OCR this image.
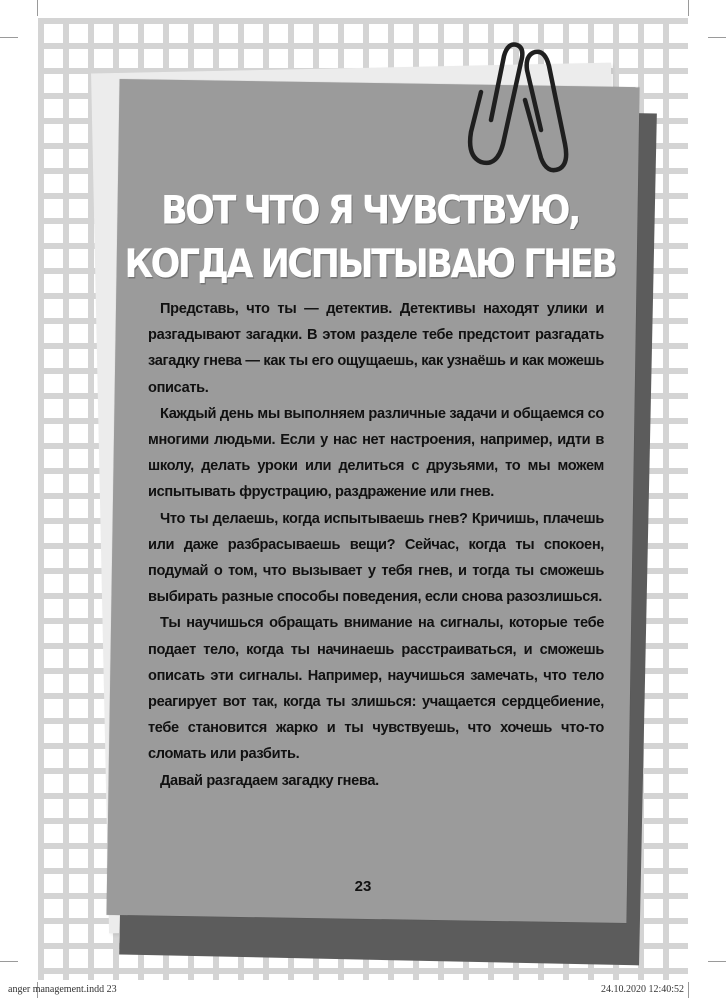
ВОТ ЧТО Я ЧУВСТВУЮ,
КОГДА ИСПЫТЫВАЮ ГНЕВ

Представь, что ты — детектив. Детективы находят улики и разгадывают загадки. В этом разделе тебе предстоит разгадать загадку гнева — как ты его ощущаешь, как узнаёшь и как можешь описать.

Каждый день мы выполняем различные задачи и общаемся со многими людьми. Если у нас нет настроения, например, идти в школу, делать уроки или делиться с друзьями, то мы можем испытывать фрустрацию, раздражение или гнев.

Что ты делаешь, когда испытываешь гнев? Кричишь, плачешь или даже разбрасываешь вещи? Сейчас, когда ты спокоен, подумай о том, что вызывает у тебя гнев, и тогда ты сможешь выбирать разные способы поведения, если снова разозлишься.

Ты научишься обращать внимание на сигналы, которые тебе подает тело, когда ты начинаешь расстраиваться, и сможешь описать эти сигналы. Например, научишься замечать, что тело реагирует вот так, когда ты злишься: учащается сердцебиение, тебе становится жарко и ты чувствуешь, что хочешь что-то сломать или разбить.

Давай разгадаем загадку гнева.

23
anger management.indd 23	24.10.2020 12:40:52
